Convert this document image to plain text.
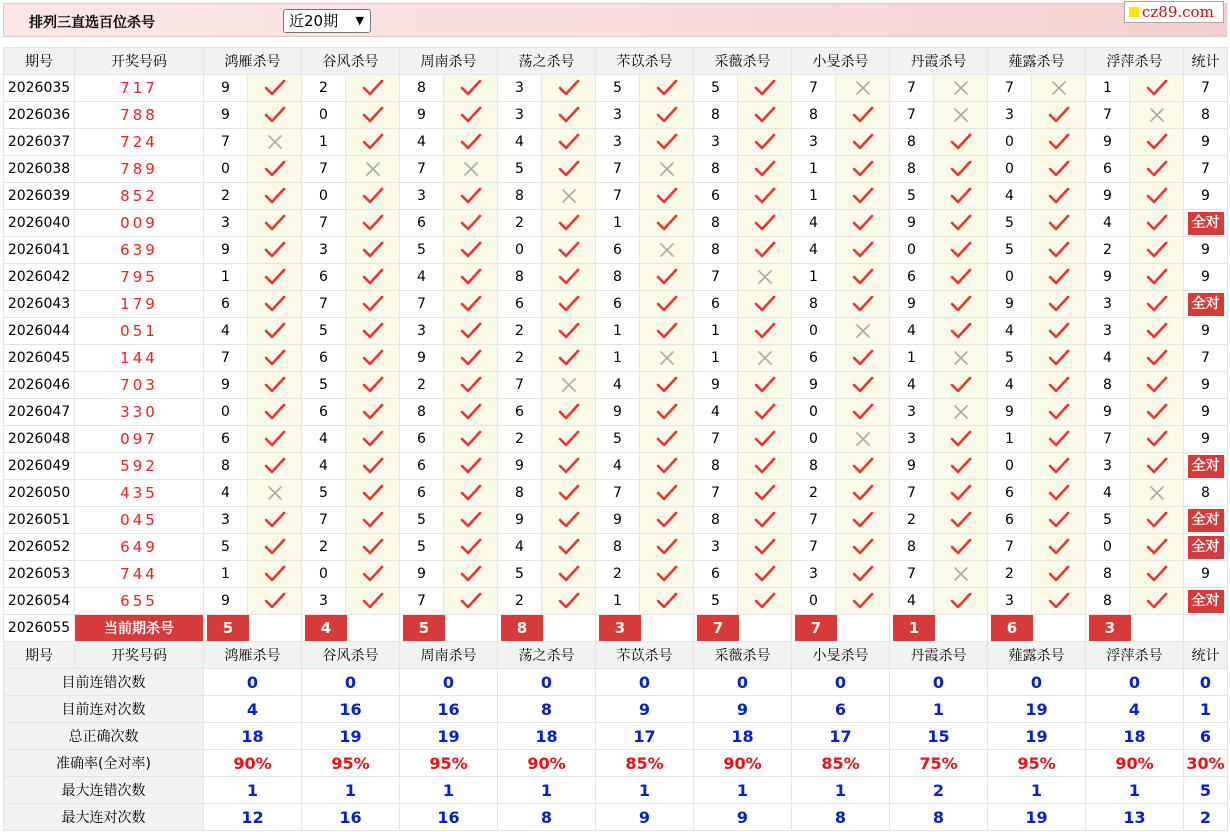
排列三直选百位杀号	近20期 ▼	cz89.com
期号	开奖号码	鸿雁杀号	谷风杀号	周南杀号	荡之杀号	芣苡杀号	采薇杀号	小旻杀号	丹霞杀号	薤露杀号	浮萍杀号	统计
2026035	717	9		2		8		3		5		5		7		7		7		1		7
2026036	788	9		0		9		3		3		8		8		7		3		7		8
2026037	724	7		1		4		4		3		3		3		8		0		9		9
2026038	789	0		7		7		5		7		8		1		8		0		6		7
2026039	852	2		0		3		8		7		6		1		5		4		9		9
2026040	009	3		7		6		2		1		8		4		9		5		4		全对
2026041	639	9		3		5		0		6		8		4		0		5		2		9
2026042	795	1		6		4		8		8		7		1		6		0		9		9
2026043	179	6		7		7		6		6		6		8		9		9		3		全对
2026044	051	4		5		3		2		1		1		0		4		4		3		9
2026045	144	7		6		9		2		1		1		6		1		5		4		7
2026046	703	9		5		2		7		4		9		9		4		4		8		9
2026047	330	0		6		8		6		9		4		0		3		9		9		9
2026048	097	6		4		6		2		5		7		0		3		1		7		9
2026049	592	8		4		6		9		4		8		8		9		0		3		全对
2026050	435	4		5		6		8		7		7		2		7		6		4		8
2026051	045	3		7		5		9		9		8		7		2		6		5		全对
2026052	649	5		2		5		4		8		3		7		8		7		0		全对
2026053	744	1		0		9		5		2		6		3		7		2		8		9
2026054	655	9		3		7		2		1		5		0		4		3		8		全对
2026055	当前期杀号	5	4	5	8	3	7	7	1	6	3

期号	开奖号码	鸿雁杀号	谷风杀号	周南杀号	荡之杀号	芣苡杀号	采薇杀号	小旻杀号	丹霞杀号	薤露杀号	浮萍杀号	统计
目前连错次数	0	0	0	0	0	0	0	0	0	0	0
目前连对次数	4	16	16	8	9	9	6	1	19	4	1
总正确次数	18	19	19	18	17	18	17	15	19	18	6
准确率(全对率)	90%	95%	95%	90%	85%	90%	85%	75%	95%	90%	30%
最大连错次数	1	1	1	1	1	1	1	2	1	1	5
最大连对次数	12	16	16	8	9	9	8	8	19	13	2
